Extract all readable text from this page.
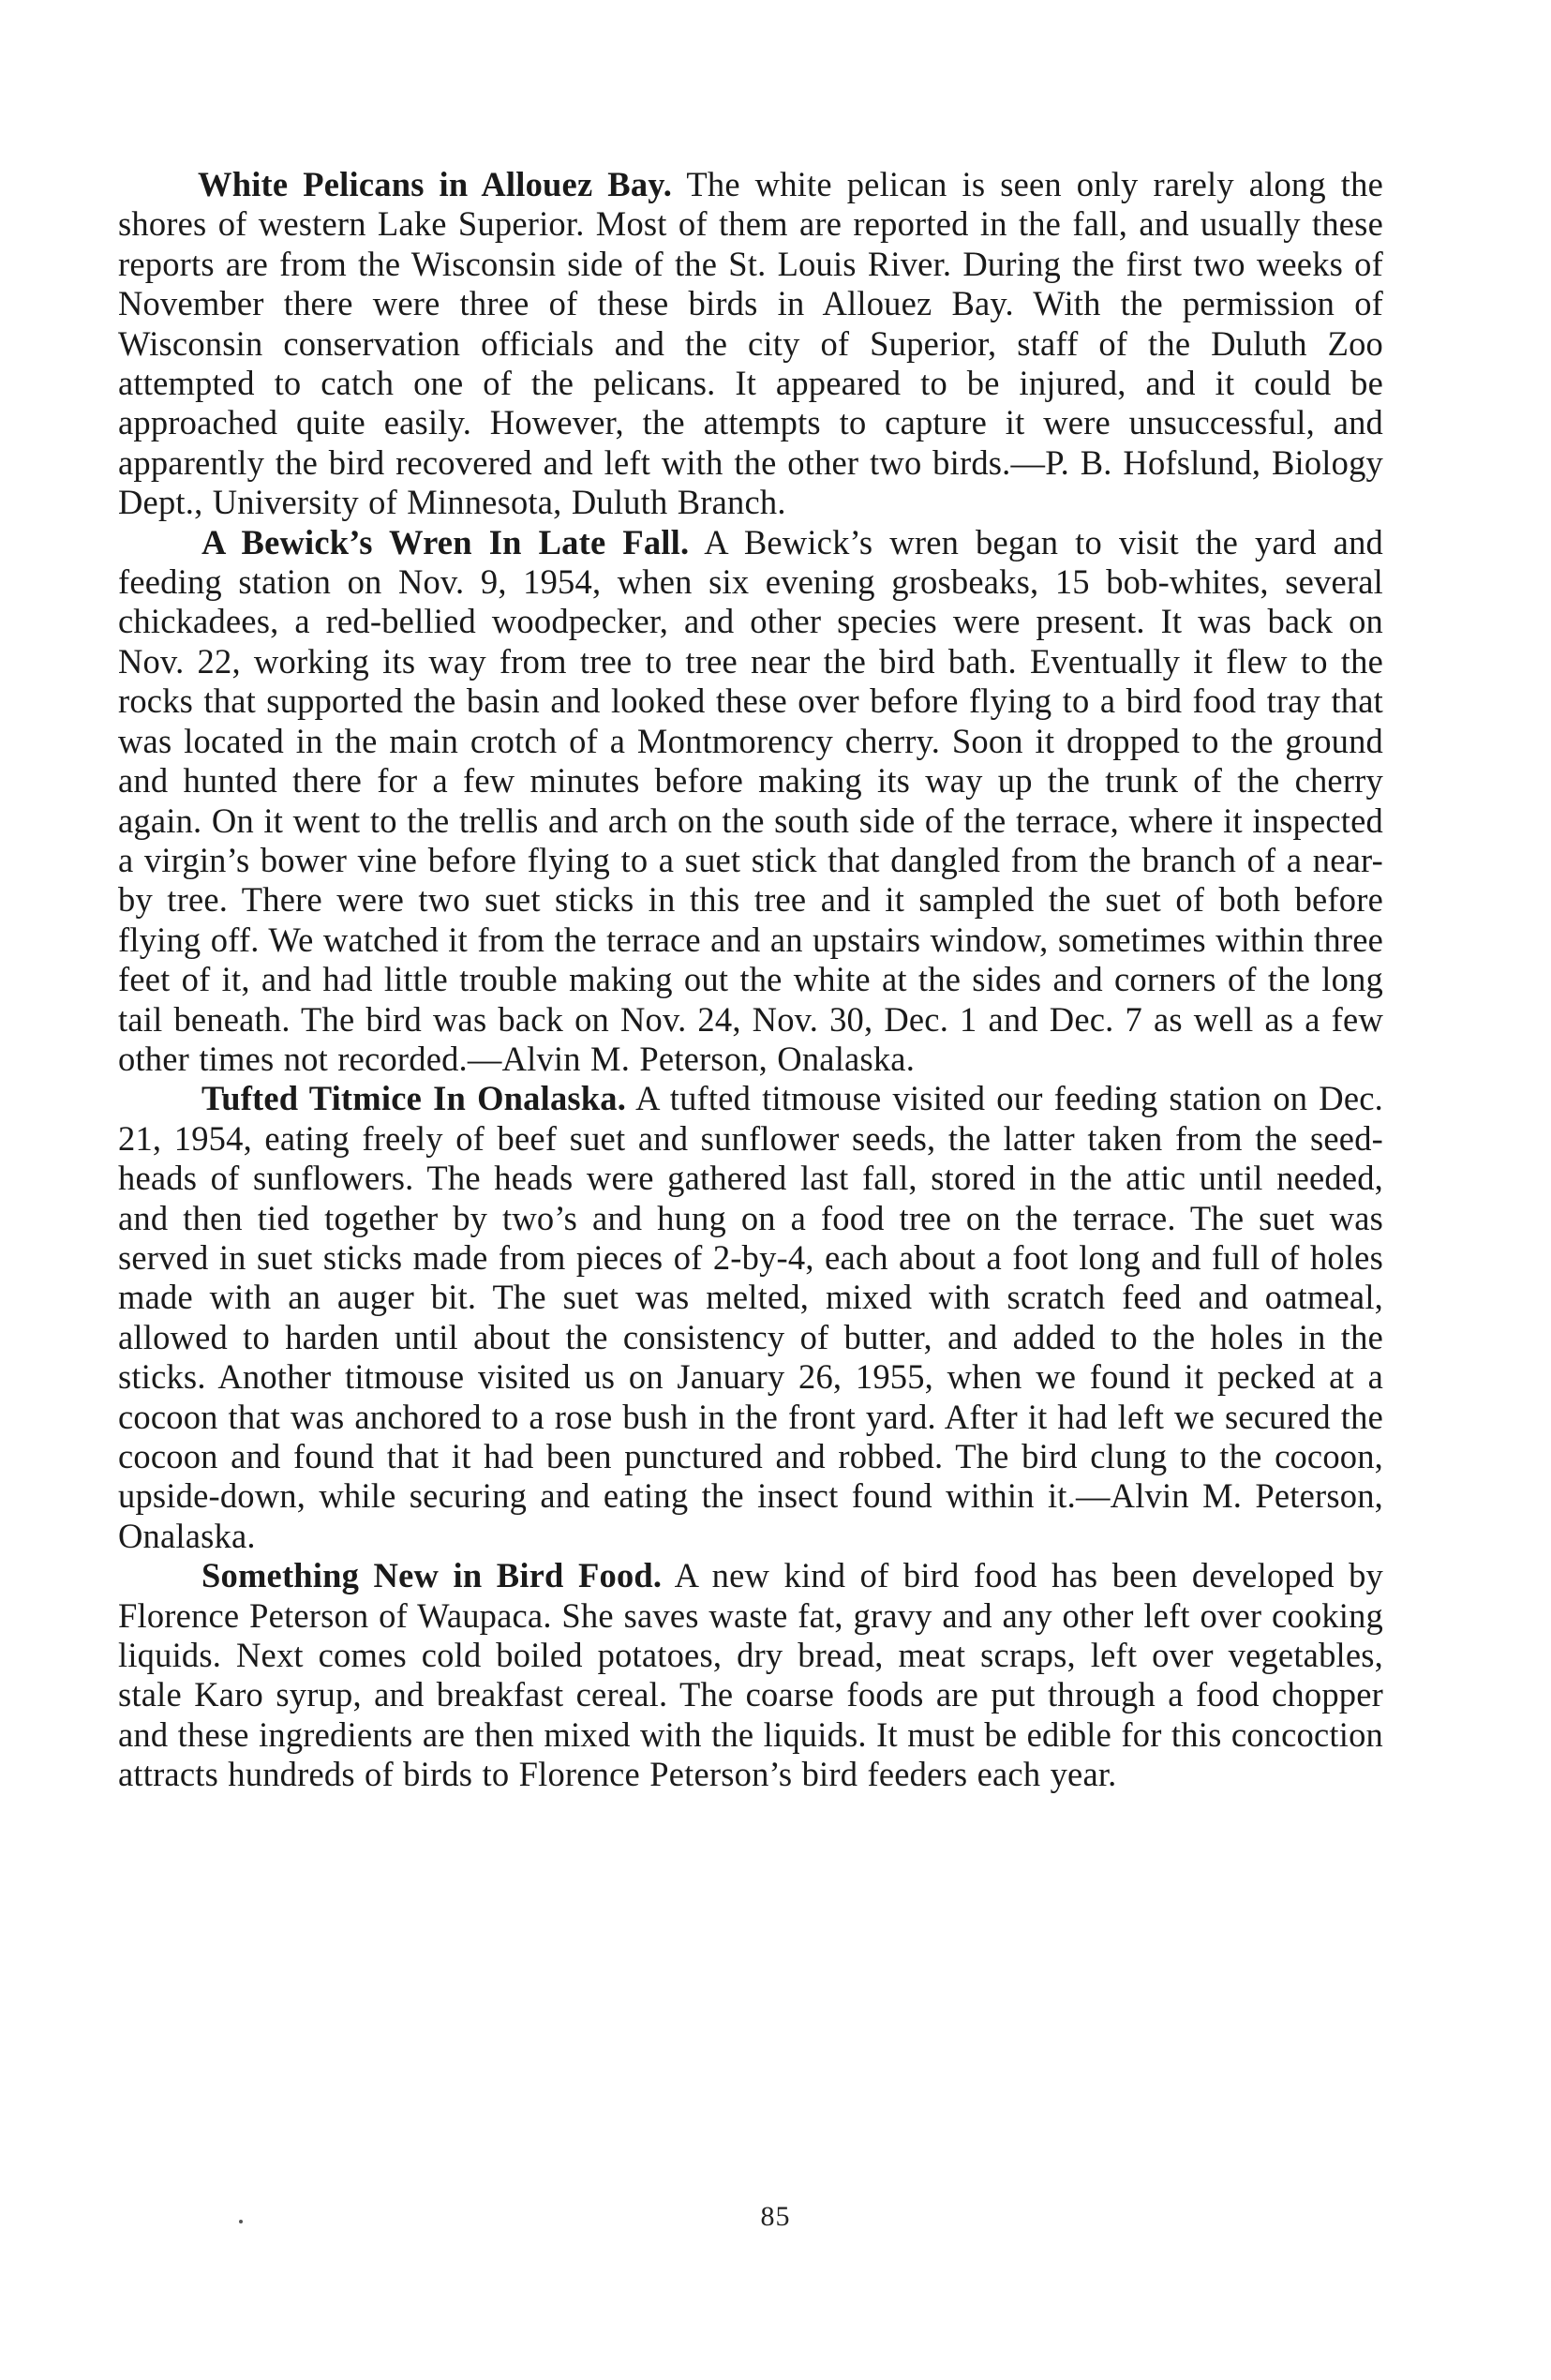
White Pelicans in Allouez Bay. The white pelican is seen only rarely along the shores of western Lake Superior. Most of them are reported in the fall, and usually these reports are from the Wisconsin side of the St. Louis River. During the first two weeks of November there were three of these birds in Allouez Bay. With the permission of Wisconsin conservation officials and the city of Superior, staff of the Duluth Zoo attempted to catch one of the pelicans. It appeared to be injured, and it could be approached quite easily. However, the attempts to capture it were unsuccessful, and apparently the bird recovered and left with the other two birds.—P. B. Hofslund, Biology Dept., University of Minnesota, Duluth Branch.

A Bewick’s Wren In Late Fall. A Bewick’s wren began to visit the yard and feeding station on Nov. 9, 1954, when six evening grosbeaks, 15 bob-whites, several chickadees, a red-bellied woodpecker, and other species were present. It was back on Nov. 22, working its way from tree to tree near the bird bath. Eventually it flew to the rocks that supported the basin and looked these over before flying to a bird food tray that was located in the main crotch of a Montmorency cherry. Soon it dropped to the ground and hunted there for a few minutes before making its way up the trunk of the cherry again. On it went to the trellis and arch on the south side of the terrace, where it inspected a virgin’s bower vine before flying to a suet stick that dangled from the branch of a near-by tree. There were two suet sticks in this tree and it sampled the suet of both before flying off. We watched it from the terrace and an upstairs window, sometimes within three feet of it, and had little trouble making out the white at the sides and corners of the long tail beneath. The bird was back on Nov. 24, Nov. 30, Dec. 1 and Dec. 7 as well as a few other times not recorded.—Alvin M. Peterson, Onalaska.

Tufted Titmice In Onalaska. A tufted titmouse visited our feeding station on Dec. 21, 1954, eating freely of beef suet and sunflower seeds, the latter taken from the seed-heads of sunflowers. The heads were gathered last fall, stored in the attic until needed, and then tied together by two’s and hung on a food tree on the terrace. The suet was served in suet sticks made from pieces of 2-by-4, each about a foot long and full of holes made with an auger bit. The suet was melted, mixed with scratch feed and oatmeal, allowed to harden until about the consistency of butter, and added to the holes in the sticks. Another titmouse visited us on January 26, 1955, when we found it pecked at a cocoon that was anchored to a rose bush in the front yard. After it had left we secured the cocoon and found that it had been punctured and robbed. The bird clung to the cocoon, upside-down, while securing and eating the insect found within it.—Alvin M. Peterson, Onalaska.

Something New in Bird Food. A new kind of bird food has been developed by Florence Peterson of Waupaca. She saves waste fat, gravy and any other left over cooking liquids. Next comes cold boiled potatoes, dry bread, meat scraps, left over vegetables, stale Karo syrup, and breakfast cereal. The coarse foods are put through a food chopper and these ingredients are then mixed with the liquids. It must be edible for this concoction attracts hundreds of birds to Florence Peterson’s bird feeders each year.

85
